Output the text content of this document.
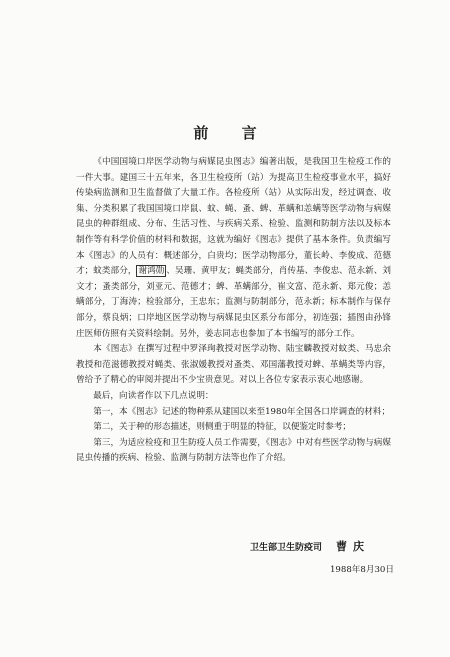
前 言

《中国国境口岸医学动物与病媒昆虫图志》编著出版，是我国卫生检疫工作的一件大事。建国三十五年来，各卫生检疫所（站）为提高卫生检疫事业水平，搞好传染病监测和卫生监督做了大量工作。各检疫所（站）从实际出发，经过调查、收集、分类积累了我国国境口岸鼠、蚊、蝇、蚤、蜱、革螨和恙螨等医学动物与病媒昆虫的种群组成、分布、生活习性、与疾病关系、检验、监测和防制方法以及标本制作等有科学价值的材料和数据，这就为编好《图志》提供了基本条件。负责编写本《图志》的人员有：概述部分，白贵均；医学动物部分，董长岭、李俊成、范德才；蚊类部分， 谢鸿勋 、吴珊、黄甲友；蝇类部分，肖传基、李俊忠、范永新、刘文才；蚤类部分，刘亚元、范德才；蜱、革螨部分，崔文富、范永新、郑元俊；恙螨部分，丁海涛；检验部分，王忠东；监测与防制部分，范永新；标本制作与保存部分，蔡良炳；口岸地区医学动物与病媒昆虫区系分布部分，初连强；插图由孙锋庄医师仿照有关资料绘制。另外，姜志同志也参加了本书编写的部分工作。

本《图志》在撰写过程中罗泽珣教授对医学动物、陆宝麟教授对蚊类、马忠余教授和范滋德教授对蝇类、张淑媛教授对蚤类、邓国藩教授对蜱、革螨类等内容，曾给予了精心的审阅并提出不少宝贵意见。对以上各位专家表示衷心地感谢。

最后，向读者作以下几点说明：

第一，本《图志》记述的物种系从建国以来至1980年全国各口岸调查的材料；

第二，关于种的形态描述，则侧重于明显的特征，以便鉴定时参考；

第三，为适应检疫和卫生防疫人员工作需要，《图志》中对有些医学动物与病媒昆虫传播的疾病、检验、监测与防制方法等也作了介绍。

卫生部卫生防疫司 曹庆
1988年8月30日
